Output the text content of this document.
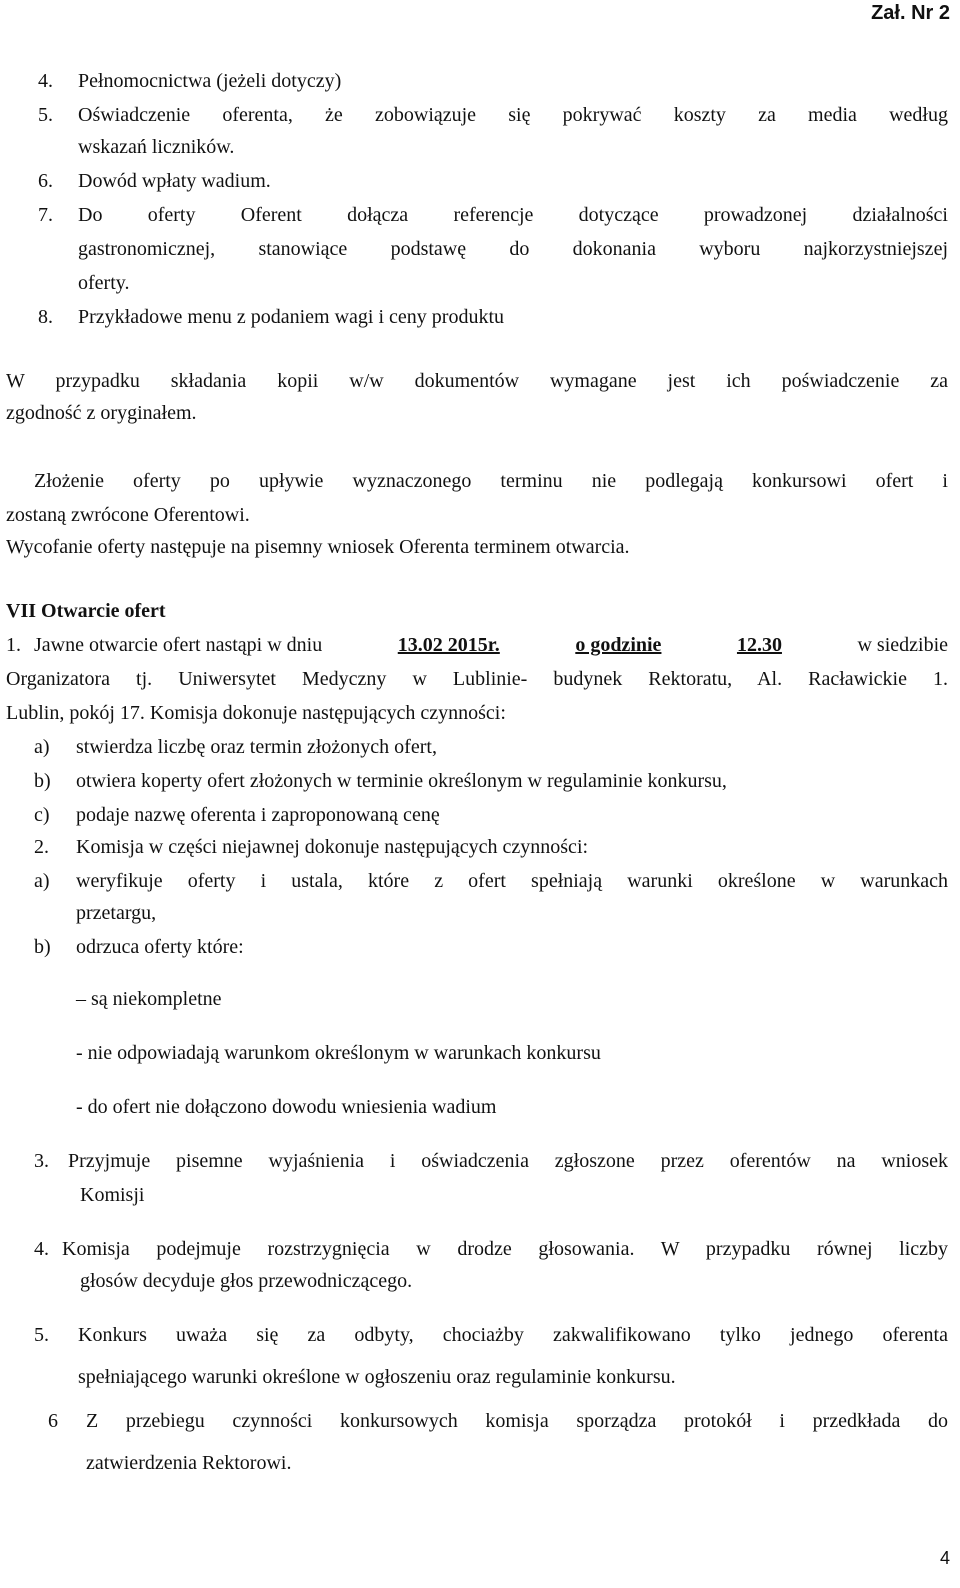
Zał. Nr 2
4. Pełnomocnictwa (jeżeli dotyczy)
5. Oświadczenie oferenta, że zobowiązuje się pokrywać koszty za media według
wskazań liczników.
6. Dowód wpłaty wadium.
7. Do oferty Oferent dołącza referencje dotyczące prowadzonej działalności
gastronomicznej, stanowiące podstawę do dokonania wyboru najkorzystniejszej
oferty.
8. Przykładowe menu z podaniem wagi i ceny produktu
W przypadku składania kopii w/w dokumentów wymagane jest ich poświadczenie za
zgodność z oryginałem.
Złożenie oferty po upływie wyznaczonego terminu nie podlegają konkursowi ofert i
zostaną zwrócone Oferentowi.
Wycofanie oferty następuje na pisemny wniosek Oferenta terminem otwarcia.
VII Otwarcie ofert
1. Jawne otwarcie ofert nastąpi w dniu	13.02 2015r.	o godzinie	12.30	w siedzibie
Organizatora tj. Uniwersytet Medyczny w Lublinie- budynek Rektoratu, Al. Racławickie 1.
Lublin, pokój 17. Komisja dokonuje następujących czynności:
a) stwierdza liczbę oraz termin złożonych ofert,
b) otwiera koperty ofert złożonych w terminie określonym w regulaminie konkursu,
c) podaje nazwę oferenta i zaproponowaną cenę
2. Komisja w części niejawnej dokonuje następujących czynności:
a) weryfikuje oferty i ustala, które z ofert spełniają warunki określone w warunkach
przetargu,
b) odrzuca oferty które:
– są niekompletne
- nie odpowiadają warunkom określonym w warunkach konkursu
- do ofert nie dołączono dowodu wniesienia wadium
3. Przyjmuje pisemne wyjaśnienia i oświadczenia zgłoszone przez oferentów na wniosek
Komisji
4. Komisja podejmuje rozstrzygnięcia w drodze głosowania. W przypadku równej liczby
głosów decyduje głos przewodniczącego.
5. Konkurs uważa się za odbyty, chociażby zakwalifikowano tylko jednego oferenta
spełniającego warunki określone w ogłoszeniu oraz regulaminie konkursu.
6 Z przebiegu czynności konkursowych komisja sporządza protokół i przedkłada do
zatwierdzenia Rektorowi.
4
